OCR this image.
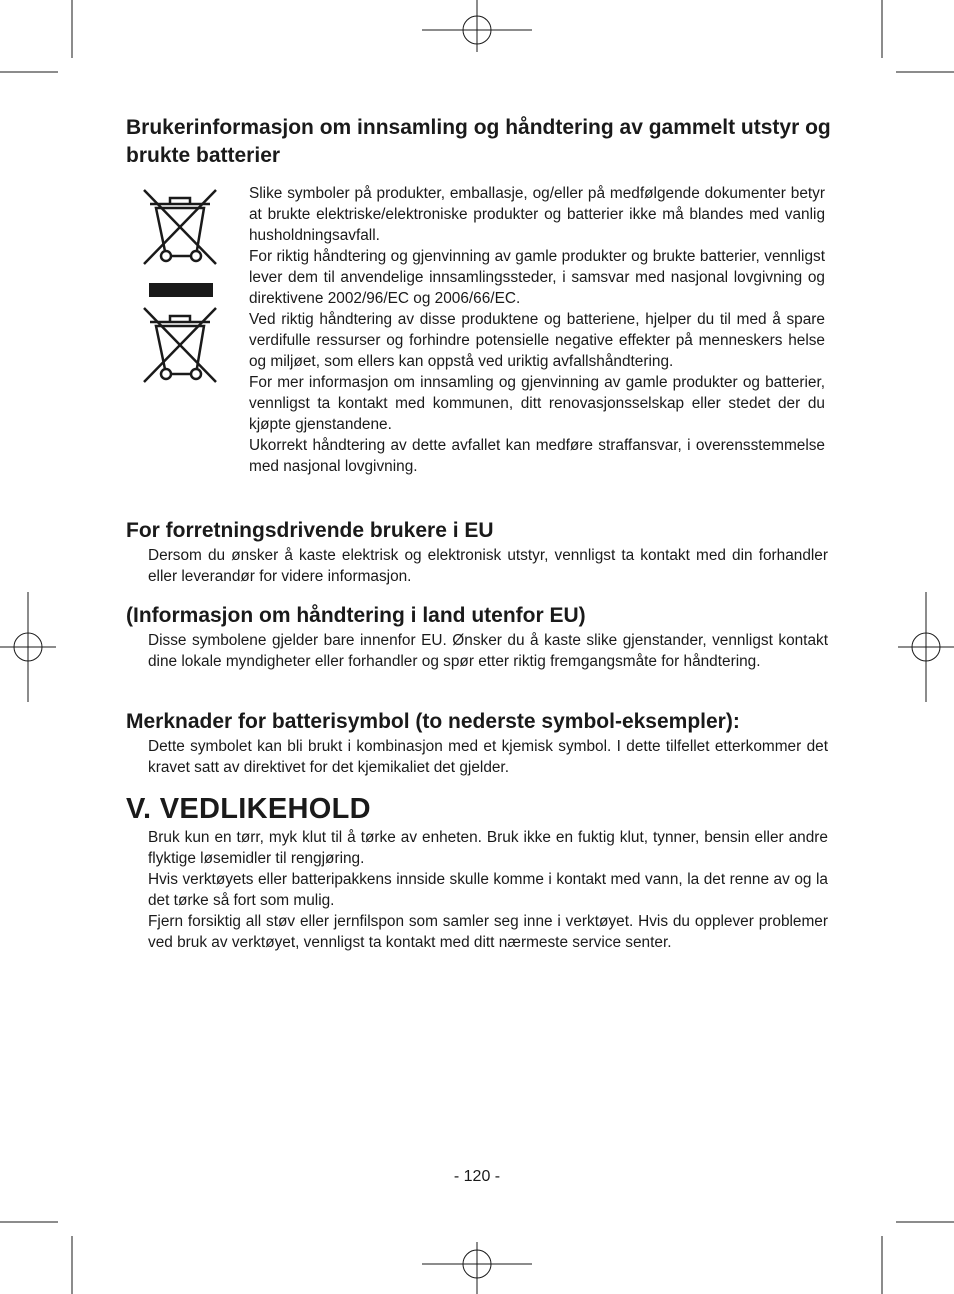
Brukerinformasjon om innsamling og håndtering av gammelt utstyr og brukte batterier
Slike symboler på produkter, emballasje, og/eller på medfølgende dokumenter betyr at brukte elektriske/elektroniske produkter og batterier ikke må blandes med vanlig husholdningsavfall.
For riktig håndtering og gjenvinning av gamle produkter og brukte batterier, vennligst lever dem til anvendelige innsamlingssteder, i samsvar med nasjonal lovgivning og direktivene 2002/96/EC og 2006/66/EC.
Ved riktig håndtering av disse produktene og batteriene, hjelper du til med å spare verdifulle ressurser og forhindre potensielle negative effekter på menneskers helse og miljøet, som ellers kan oppstå ved uriktig avfallshåndtering.
For mer informasjon om innsamling og gjenvinning av gamle produkter og batterier, vennligst ta kontakt med kommunen, ditt renovasjonsselskap eller stedet der du kjøpte gjenstandene.
Ukorrekt håndtering av dette avfallet kan medføre straffansvar, i overensstemmelse med nasjonal lovgivning.
For forretningsdrivende brukere i EU
Dersom du ønsker å kaste elektrisk og elektronisk utstyr, vennligst ta kontakt med din forhandler eller leverandør for videre informasjon.
(Informasjon om håndtering i land utenfor EU)
Disse symbolene gjelder bare innenfor EU. Ønsker du å kaste slike gjenstander, vennligst kontakt dine lokale myndigheter eller forhandler og spør etter riktig fremgangsmåte for håndtering.
Merknader for batterisymbol (to nederste symbol-eksempler):
Dette symbolet kan bli brukt i kombinasjon med et kjemisk symbol. I dette tilfellet etterkommer det kravet satt av direktivet for det kjemikaliet det gjelder.
V. VEDLIKEHOLD
Bruk kun en tørr, myk klut til å tørke av enheten. Bruk ikke en fuktig klut, tynner, bensin eller andre flyktige løsemidler til rengjøring.
Hvis verktøyets eller batteripakkens innside skulle komme i kontakt med vann, la det renne av og la det tørke så fort som mulig.
Fjern forsiktig all støv eller jernfilspon som samler seg inne i verktøyet. Hvis du opplever problemer ved bruk av verktøyet, vennligst ta kontakt med ditt nærmeste service senter.
- 120 -
